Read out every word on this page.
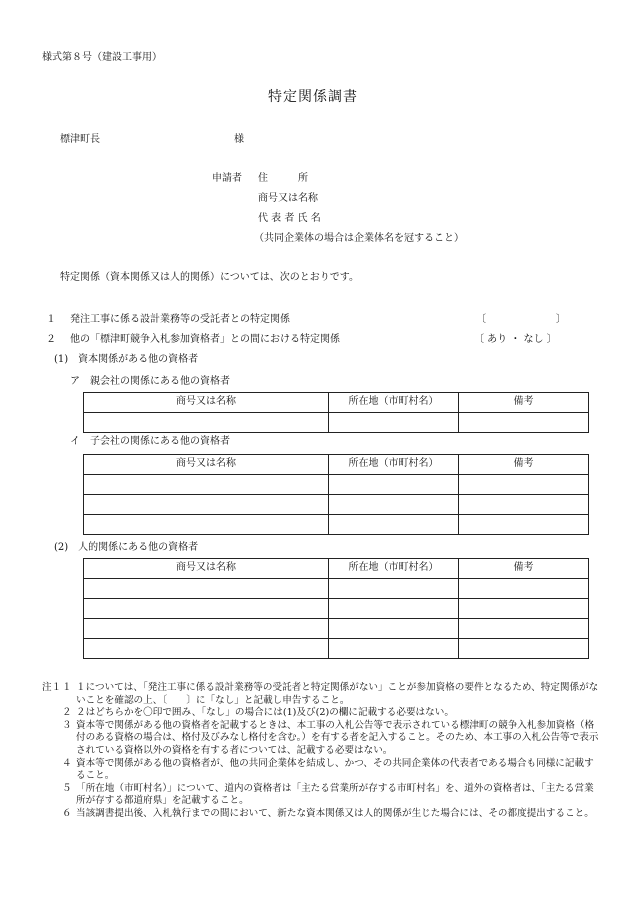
様式第８号（建設工事用）
特定関係調書
標津町長	様
申請者 住　　　所
商号又は名称
代 表 者 氏 名
（共同企業体の場合は企業体名を冠すること）
特定関係（資本関係又は人的関係）については、次のとおりです。
１ 発注工事に係る設計業務等の受託者との特定関係	〔　　　　　　　〕
２ 他の「標津町競争入札参加資格者」との間における特定関係	〔 あり ・ なし 〕
(1)　資本関係がある他の資格者
ア　親会社の関係にある他の資格者
商号又は名称	所在地（市町村名）	備考

イ　子会社の関係にある他の資格者
商号又は名称	所在地（市町村名）	備考

(2)　人的関係にある他の資格者
商号又は名称	所在地（市町村名）	備考

注１ １ １については、「発注工事に係る設計業務等の受託者と特定関係がない」ことが参加資格の要件となるため、特定関係がないことを確認の上、〔　　〕に「なし」と記載し申告すること。
２ ２はどちらかを〇印で囲み、「なし」の場合には(1)及び(2)の欄に記載する必要はない。
３ 資本等で関係がある他の資格者を記載するときは、本工事の入札公告等で表示されている標津町の競争入札参加資格（格付のある資格の場合は、格付及びみなし格付を含む。）を有する者を記入すること。そのため、本工事の入札公告等で表示されている資格以外の資格を有する者については、記載する必要はない。
４ 資本等で関係がある他の資格者が、他の共同企業体を結成し、かつ、その共同企業体の代表者である場合も同様に記載すること。
５ 「所在地（市町村名）」について、道内の資格者は「主たる営業所が存する市町村名」を、道外の資格者は、「主たる営業所が存する都道府県」を記載すること。
６ 当該調書提出後、入札執行までの間において、新たな資本関係又は人的関係が生じた場合には、その都度提出すること。
